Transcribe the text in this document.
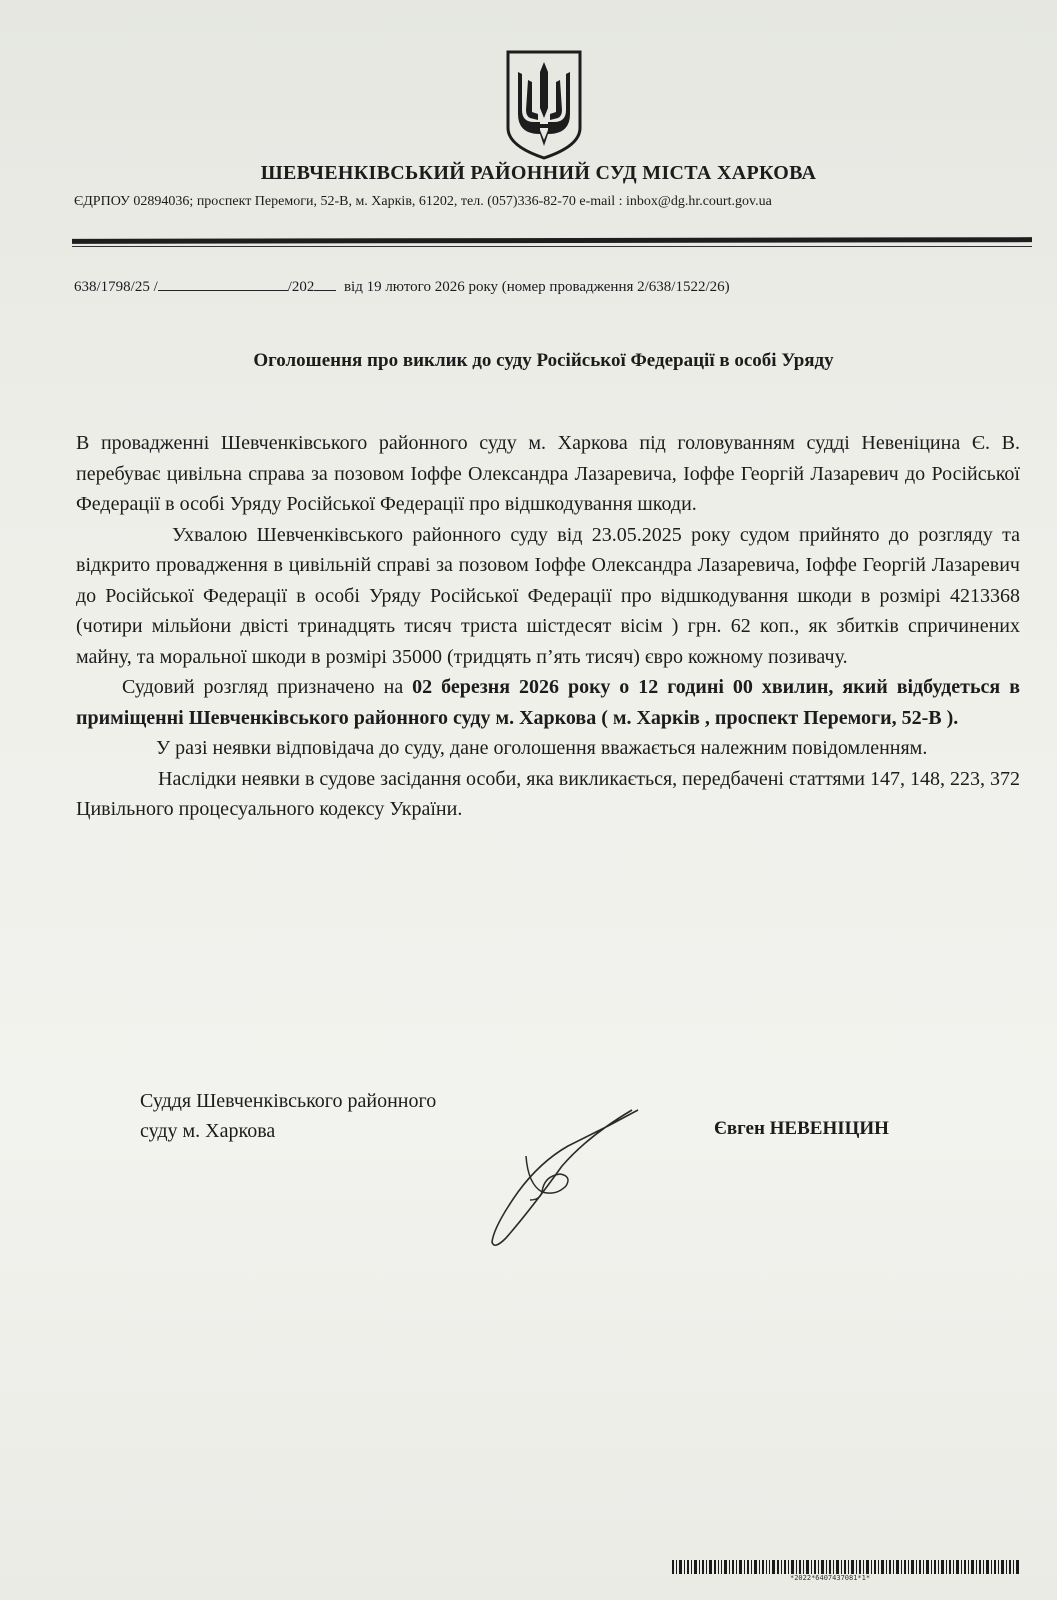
ШЕВЧЕНКІВСЬКИЙ РАЙОННИЙ СУД МІСТА ХАРКОВА
ЄДРПОУ 02894036; проспект Перемоги, 52-В, м. Харків, 61202, тел. (057)336-82-70 e-mail : inbox@dg.hr.court.gov.ua
638/1798/25 /	/202 від 19 лютого 2026 року (номер провадження 2/638/1522/26)
Оголошення про виклик до суду Російської Федерації в особі Уряду

В провадженні Шевченківського районного суду м. Харкова під головуванням судді Невеніцина Є. В. перебуває цивільна справа за позовом Іоффе Олександра Лазаревича, Іоффе Георгій Лазаревич до Російської Федерації в особі Уряду Російської Федерації про відшкодування шкоди.

Ухвалою Шевченківського районного суду від 23.05.2025 року судом прийнято до розгляду та відкрито провадження в цивільній справі за позовом Іоффе Олександра Лазаревича, Іоффе Георгій Лазаревич до Російської Федерації в особі Уряду Російської Федерації про відшкодування шкоди в розмірі 4213368 (чотири мільйони двісті тринадцять тисяч триста шістдесят вісім ) грн. 62 коп., як збитків спричинених майну, та моральної шкоди в розмірі 35000 (тридцять п’ять тисяч) євро кожному позивачу.

Судовий розгляд призначено на 02 березня 2026 року о 12 годині 00 хвилин, який відбудеться в приміщенні Шевченківського районного суду м. Харкова ( м. Харків , проспект Перемоги, 52-В ).

У разі неявки відповідача до суду, дане оголошення вважається належним повідомленням.

Наслідки неявки в судове засідання особи, яка викликається, передбачені статтями 147, 148, 223, 372 Цивільного процесуального кодексу України.

Суддя Шевченківського районного
суду м. Харкова	Євген НЕВЕНІЦИН
*2022*6407437081*1*
